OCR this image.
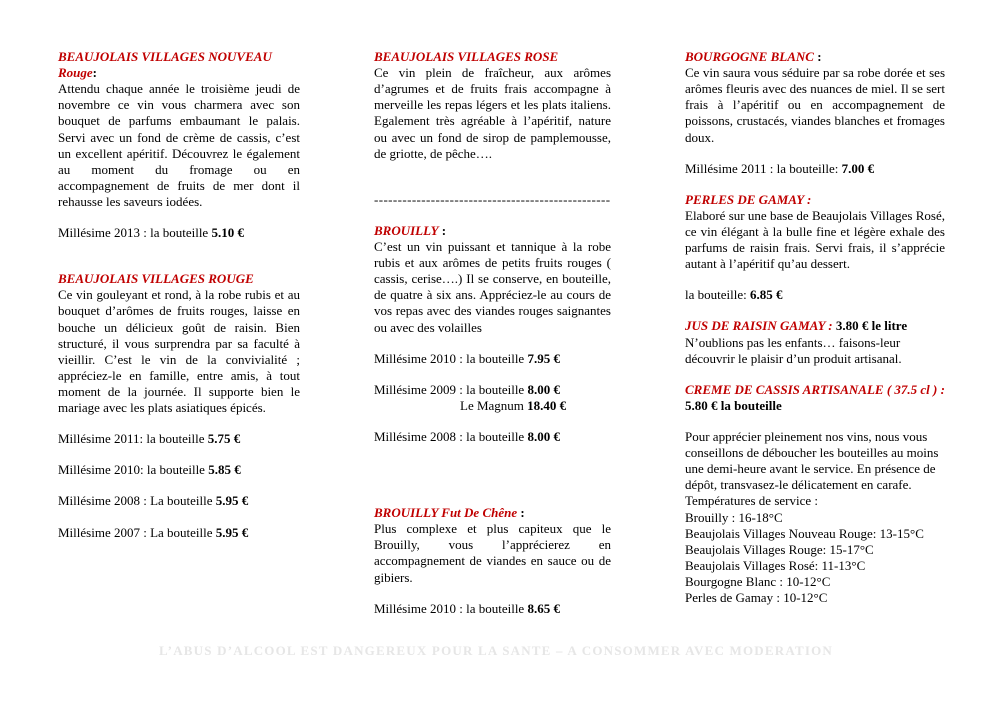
BEAUJOLAIS VILLAGES NOUVEAU
Rouge:
Attendu chaque année le troisième jeudi de novembre ce vin vous charmera avec son bouquet de parfums embaumant le palais. Servi avec un fond de crème de cassis, c’est un excellent apéritif. Découvrez le également au moment du fromage ou en accompagnement de fruits de mer dont il rehausse les saveurs iodées.
Millésime 2013 : la bouteille 5.10 €
BEAUJOLAIS VILLAGES ROUGE
Ce vin gouleyant et rond, à la robe rubis et au bouquet d’arômes de fruits rouges, laisse en bouche un délicieux goût de raisin. Bien structuré, il vous surprendra par sa faculté à vieillir. C’est le vin de la convivialité ; appréciez-le en famille, entre amis, à tout moment de la journée. Il supporte bien le mariage avec les plats asiatiques épicés.
Millésime 2011: la bouteille 5.75 €
Millésime 2010: la bouteille 5.85 €
Millésime 2008 : La bouteille 5.95 €
Millésime 2007 : La bouteille 5.95 €
BEAUJOLAIS VILLAGES ROSE
Ce vin plein de fraîcheur, aux arômes d’agrumes et de fruits frais accompagne à merveille les repas légers et les plats italiens. Egalement très agréable à l’apéritif, nature ou avec un fond de sirop de pamplemousse, de griotte, de pêche….
--------------------------------------------------
BROUILLY :
C’est un vin puissant et tannique à la robe rubis et aux arômes de petits fruits rouges ( cassis, cerise….) Il se conserve, en bouteille, de quatre à six ans. Appréciez-le au cours de vos repas avec des viandes rouges saignantes ou avec des volailles
Millésime 2010 : la bouteille 7.95 €
Millésime 2009 : la bouteille 8.00 €
Le Magnum 18.40 €
Millésime 2008 : la bouteille 8.00 €
BROUILLY Fut De Chêne :
Plus complexe et plus capiteux que le Brouilly, vous l’apprécierez en accompagnement de viandes en sauce ou de gibiers.
Millésime 2010 : la bouteille 8.65 €
BOURGOGNE BLANC :
Ce vin saura vous séduire par sa robe dorée et ses arômes fleuris avec des nuances de miel. Il se sert frais à l’apéritif ou en accompagnement de poissons, crustacés, viandes blanches et fromages doux.
Millésime 2011 : la bouteille: 7.00 €
PERLES DE GAMAY :
Elaboré sur une base de Beaujolais Villages Rosé, ce vin élégant à la bulle fine et légère exhale des parfums de raisin frais. Servi frais, il s’apprécie autant à l’apéritif qu’au dessert.
la bouteille: 6.85 €
JUS DE RAISIN GAMAY : 3.80 € le litre
N’oublions pas les enfants… faisons-leur découvrir le plaisir d’un produit artisanal.
CREME DE CASSIS ARTISANALE ( 37.5 cl ) : 5.80 € la bouteille
Pour apprécier pleinement nos vins, nous vous conseillons de déboucher les bouteilles au moins une demi-heure avant le service. En présence de dépôt, transvasez-le délicatement en carafe.
Températures de service :
Brouilly : 16-18°C
Beaujolais Villages Nouveau Rouge: 13-15°C
Beaujolais Villages Rouge: 15-17°C
Beaujolais Villages Rosé: 11-13°C
Bourgogne Blanc : 10-12°C
Perles de Gamay : 10-12°C
L’ABUS D’ALCOOL EST DANGEREUX POUR LA SANTE – A CONSOMMER AVEC MODERATION
